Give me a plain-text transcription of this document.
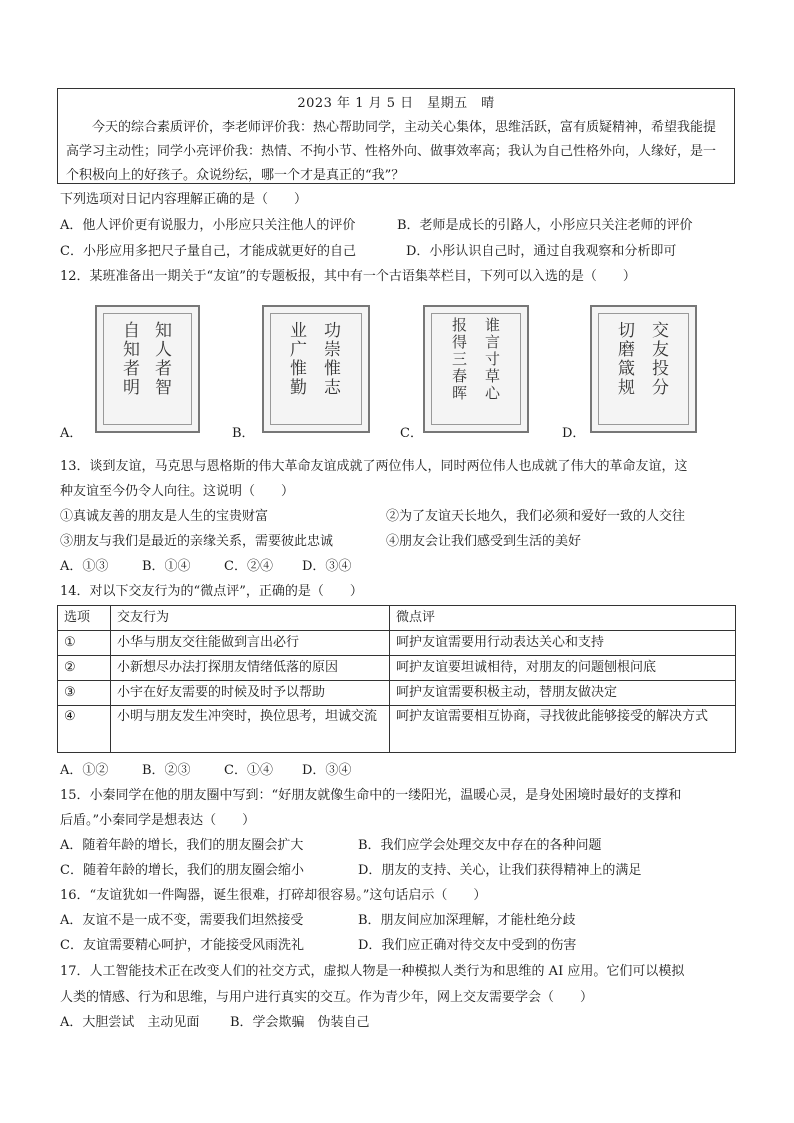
2023 年 1 月 5 日　星期五　晴
今天的综合素质评价，李老师评价我：热心帮助同学，主动关心集体，思维活跃，富有质疑精神，希望我能提高学习主动性；同学小亮评价我：热情、不拘小节、性格外向、做事效率高；我认为自己性格外向，人缘好，是一个积极向上的好孩子。众说纷纭，哪一个才是真正的“我”？
下列选项对日记内容理解正确的是（　　）
A．他人评价更有说服力，小彤应只关注他人的评价	B．老师是成长的引路人，小彤应只关注老师的评价
C．小彤应用多把尺子量自己，才能成就更好的自己	D．小彤认识自己时，通过自我观察和分析即可
12．某班准备出一期关于“友谊”的专题板报，其中有一个古语集萃栏目，下列可以入选的是（　　）
知人者智
自知者明
A．
功崇惟志
业广惟勤
B．
谁言寸草心
报得三春晖
C．
交友投分
切磨箴规
D．
13．谈到友谊，马克思与恩格斯的伟大革命友谊成就了两位伟人，同时两位伟人也成就了伟大的革命友谊，这
种友谊至今仍令人向往。这说明（　　）
①真诚友善的朋友是人生的宝贵财富	②为了友谊天长地久，我们必须和爱好一致的人交往
③朋友与我们是最近的亲缘关系，需要彼此忠诚	④朋友会让我们感受到生活的美好
A．①③	B．①④	C．②④ D．③④
14．对以下交友行为的“微点评”，正确的是（　　）
选项	交友行为	微点评
①	小华与朋友交往能做到言出必行	呵护友谊需要用行动表达关心和支持
②	小新想尽办法打探朋友情绪低落的原因	呵护友谊要坦诚相待，对朋友的问题刨根问底
③	小宇在好友需要的时候及时予以帮助	呵护友谊需要积极主动，替朋友做决定
④	小明与朋友发生冲突时，换位思考，坦诚交流	呵护友谊需要相互协商，寻找彼此能够接受的解决方式
A．①②	B．②③	C．①④ D．③④
15．小秦同学在他的朋友圈中写到：“好朋友就像生命中的一缕阳光，温暖心灵，是身处困境时最好的支撑和
后盾。”小秦同学是想表达（　　）
A．随着年龄的增长，我们的朋友圈会扩大	B．我们应学会处理交友中存在的各种问题
C．随着年龄的增长，我们的朋友圈会缩小	D．朋友的支持、关心，让我们获得精神上的满足
16．“友谊犹如一件陶器，诞生很难，打碎却很容易。”这句话启示（　　）
A．友谊不是一成不变，需要我们坦然接受	B．朋友间应加深理解，才能杜绝分歧
C．友谊需要精心呵护，才能接受风雨洗礼	D．我们应正确对待交友中受到的伤害
17．人工智能技术正在改变人们的社交方式，虚拟人物是一种模拟人类行为和思维的 AI 应用。它们可以模拟
人类的情感、行为和思维，与用户进行真实的交互。作为青少年，网上交友需要学会（　　）
A．大胆尝试　主动见面 B．学会欺骗　伪装自己
